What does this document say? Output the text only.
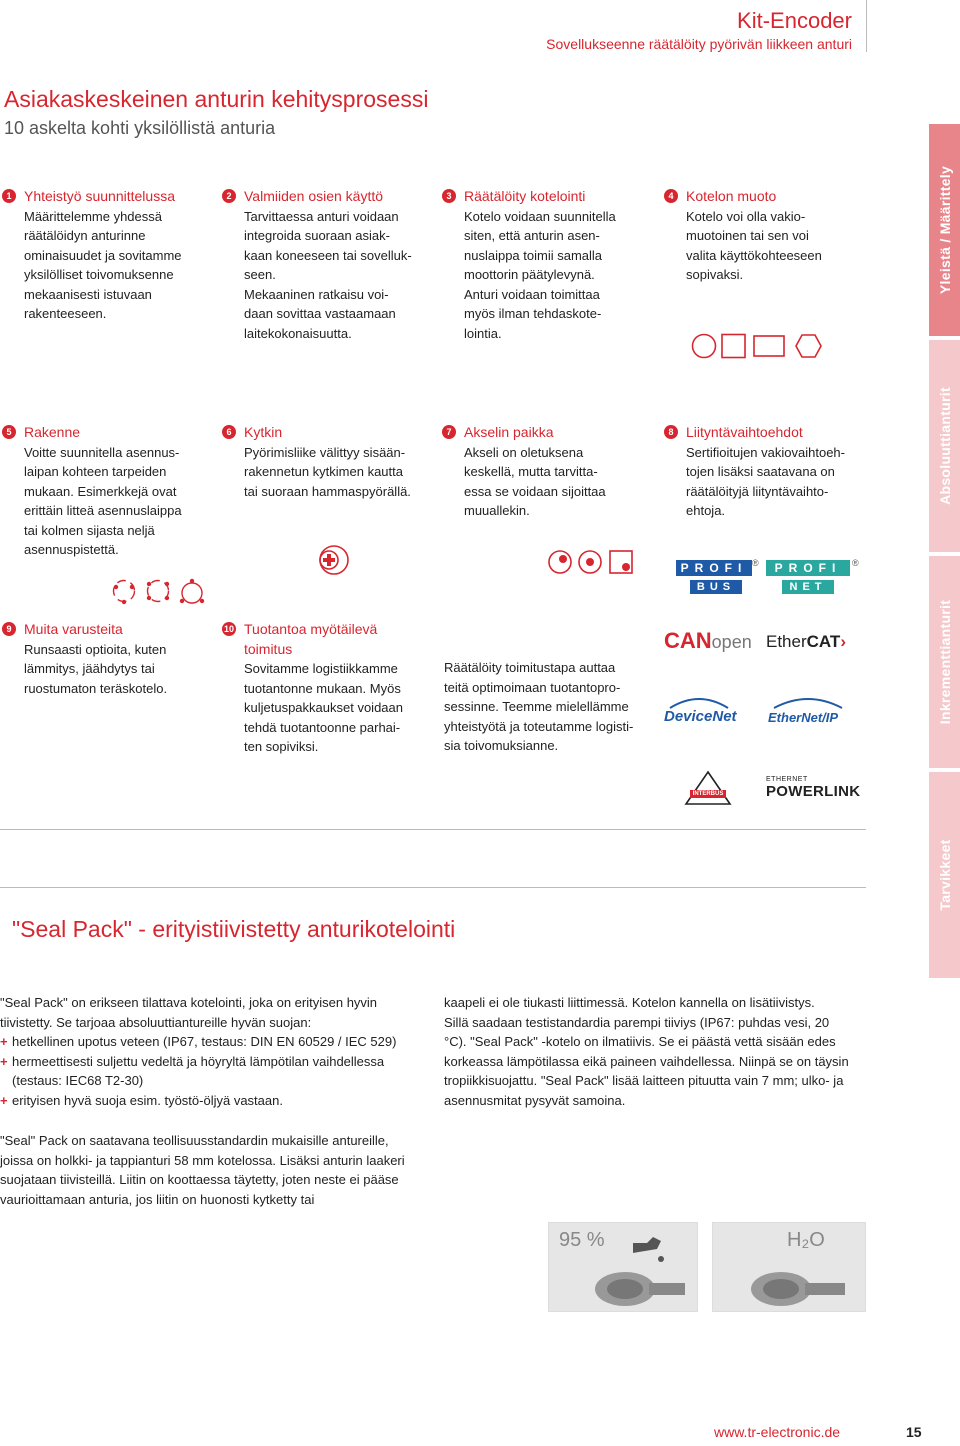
Kit-Encoder
Sovellukseenne räätälöity pyörivän liikkeen anturi
Asiakaskeskeinen anturin kehitysprosessi
10 askelta kohti yksilöllistä anturia
1 Yhteistyö suunnittelussa
Määrittelemme yhdessä
räätälöidyn anturinne
ominaisuudet ja sovitamme
yksilölliset toivomuksenne
mekaanisesti istuvaan
rakenteeseen.
2 Valmiiden osien käyttö
Tarvittaessa anturi voidaan
integroida suoraan asiak-
kaan koneeseen tai sovelluk-
seen.
Mekaaninen ratkaisu voi-
daan sovittaa vastaamaan
laitekokonaisuutta.
3 Räätälöity kotelointi
Kotelo voidaan suunnitella
siten, että anturin asen-
nuslaippa toimii samalla
moottorin päätylevynä.
Anturi voidaan toimittaa
myös ilman tehdaskote-
lointia.
4 Kotelon muoto
Kotelo voi olla vakio-
muotoinen tai sen voi
valita käyttökohteeseen
sopivaksi.
5 Rakenne
Voitte suunnitella asennus-
laipan kohteen tarpeiden
mukaan. Esimerkkejä ovat
erittäin litteä asennuslaippa
tai kolmen sijasta neljä
asennuspistettä.
6 Kytkin
Pyörimisliike välittyy sisään-
rakennetun kytkimen kautta
tai suoraan hammaspyörällä.
7 Akselin paikka
Akseli on oletuksena
keskellä, mutta tarvitta-
essa se voidaan sijoittaa
muuallekin.
8 Liityntävaihtoehdot
Sertifioitujen vakiovaihtoeh-
tojen lisäksi saatavana on
räätälöityjä liityntävaihto-
ehtoja.
9 Muita varusteita
Runsaasti optioita, kuten
lämmitys, jäähdytys tai
ruostumaton teräskotelo.
10 Tuotantoa myötäilevä
toimitus
Sovitamme logistiikkamme
tuotantonne mukaan. Myös
kuljetuspakkaukset voidaan
tehdä tuotantoonne parhai-
ten sopiviksi.
Räätälöity toimitustapa auttaa
teitä optimoimaan tuotantopro-
sessinne. Teemme mielellämme
yhteistyötä ja toteutamme logisti-
sia toivomuksianne.
PROFI
BUS
®	PROFI
NET
®
CANopen EtherCAT›
DeviceNet EtherNet/IP
INTERBUS
ETHERNET
POWERLINK
"Seal Pack" - erityistiivistetty anturikotelointi
"Seal Pack" on erikseen tilattava kotelointi, joka on erityisen hyvin
tiivistetty. Se tarjoaa absoluuttiantureille hyvän suojan:
+ hetkellinen upotus veteen (IP67, testaus: DIN EN 60529 / IEC 529)
+ hermeettisesti suljettu vedeltä ja höyryltä lämpötilan vaihdellessa
(testaus: IEC68 T2-30)
+ erityisen hyvä suoja esim. työstö-öljyä vastaan.
"Seal" Pack on saatavana teollisuusstandardin mukaisille antureille,
joissa on holkki- ja tappianturi 58 mm kotelossa. Lisäksi anturin laakeri
suojataan tiivisteillä. Liitin on koottaessa täytetty, joten neste ei pääse
vaurioittamaan anturia, jos liitin on huonosti kytketty tai
kaapeli ei ole tiukasti liittimessä. Kotelon kannella on lisätiivistys.
Sillä saadaan testistandardia parempi tiiviys (IP67: puhdas vesi, 20
°C). "Seal Pack" -kotelo on ilmatiivis. Se ei päästä vettä sisään edes
korkeassa lämpötilassa eikä paineen vaihdellessa. Niinpä se on täysin
tropiikkisuojattu. "Seal Pack" lisää laitteen pituutta vain 7 mm; ulko- ja
asennusmitat pysyvät samoina.
95 %	H₂O
Yleistä / Määrittely
Absoluuttianturit
Inkrementtianturit
Tarvikkeet
www.tr-electronic.de	15
